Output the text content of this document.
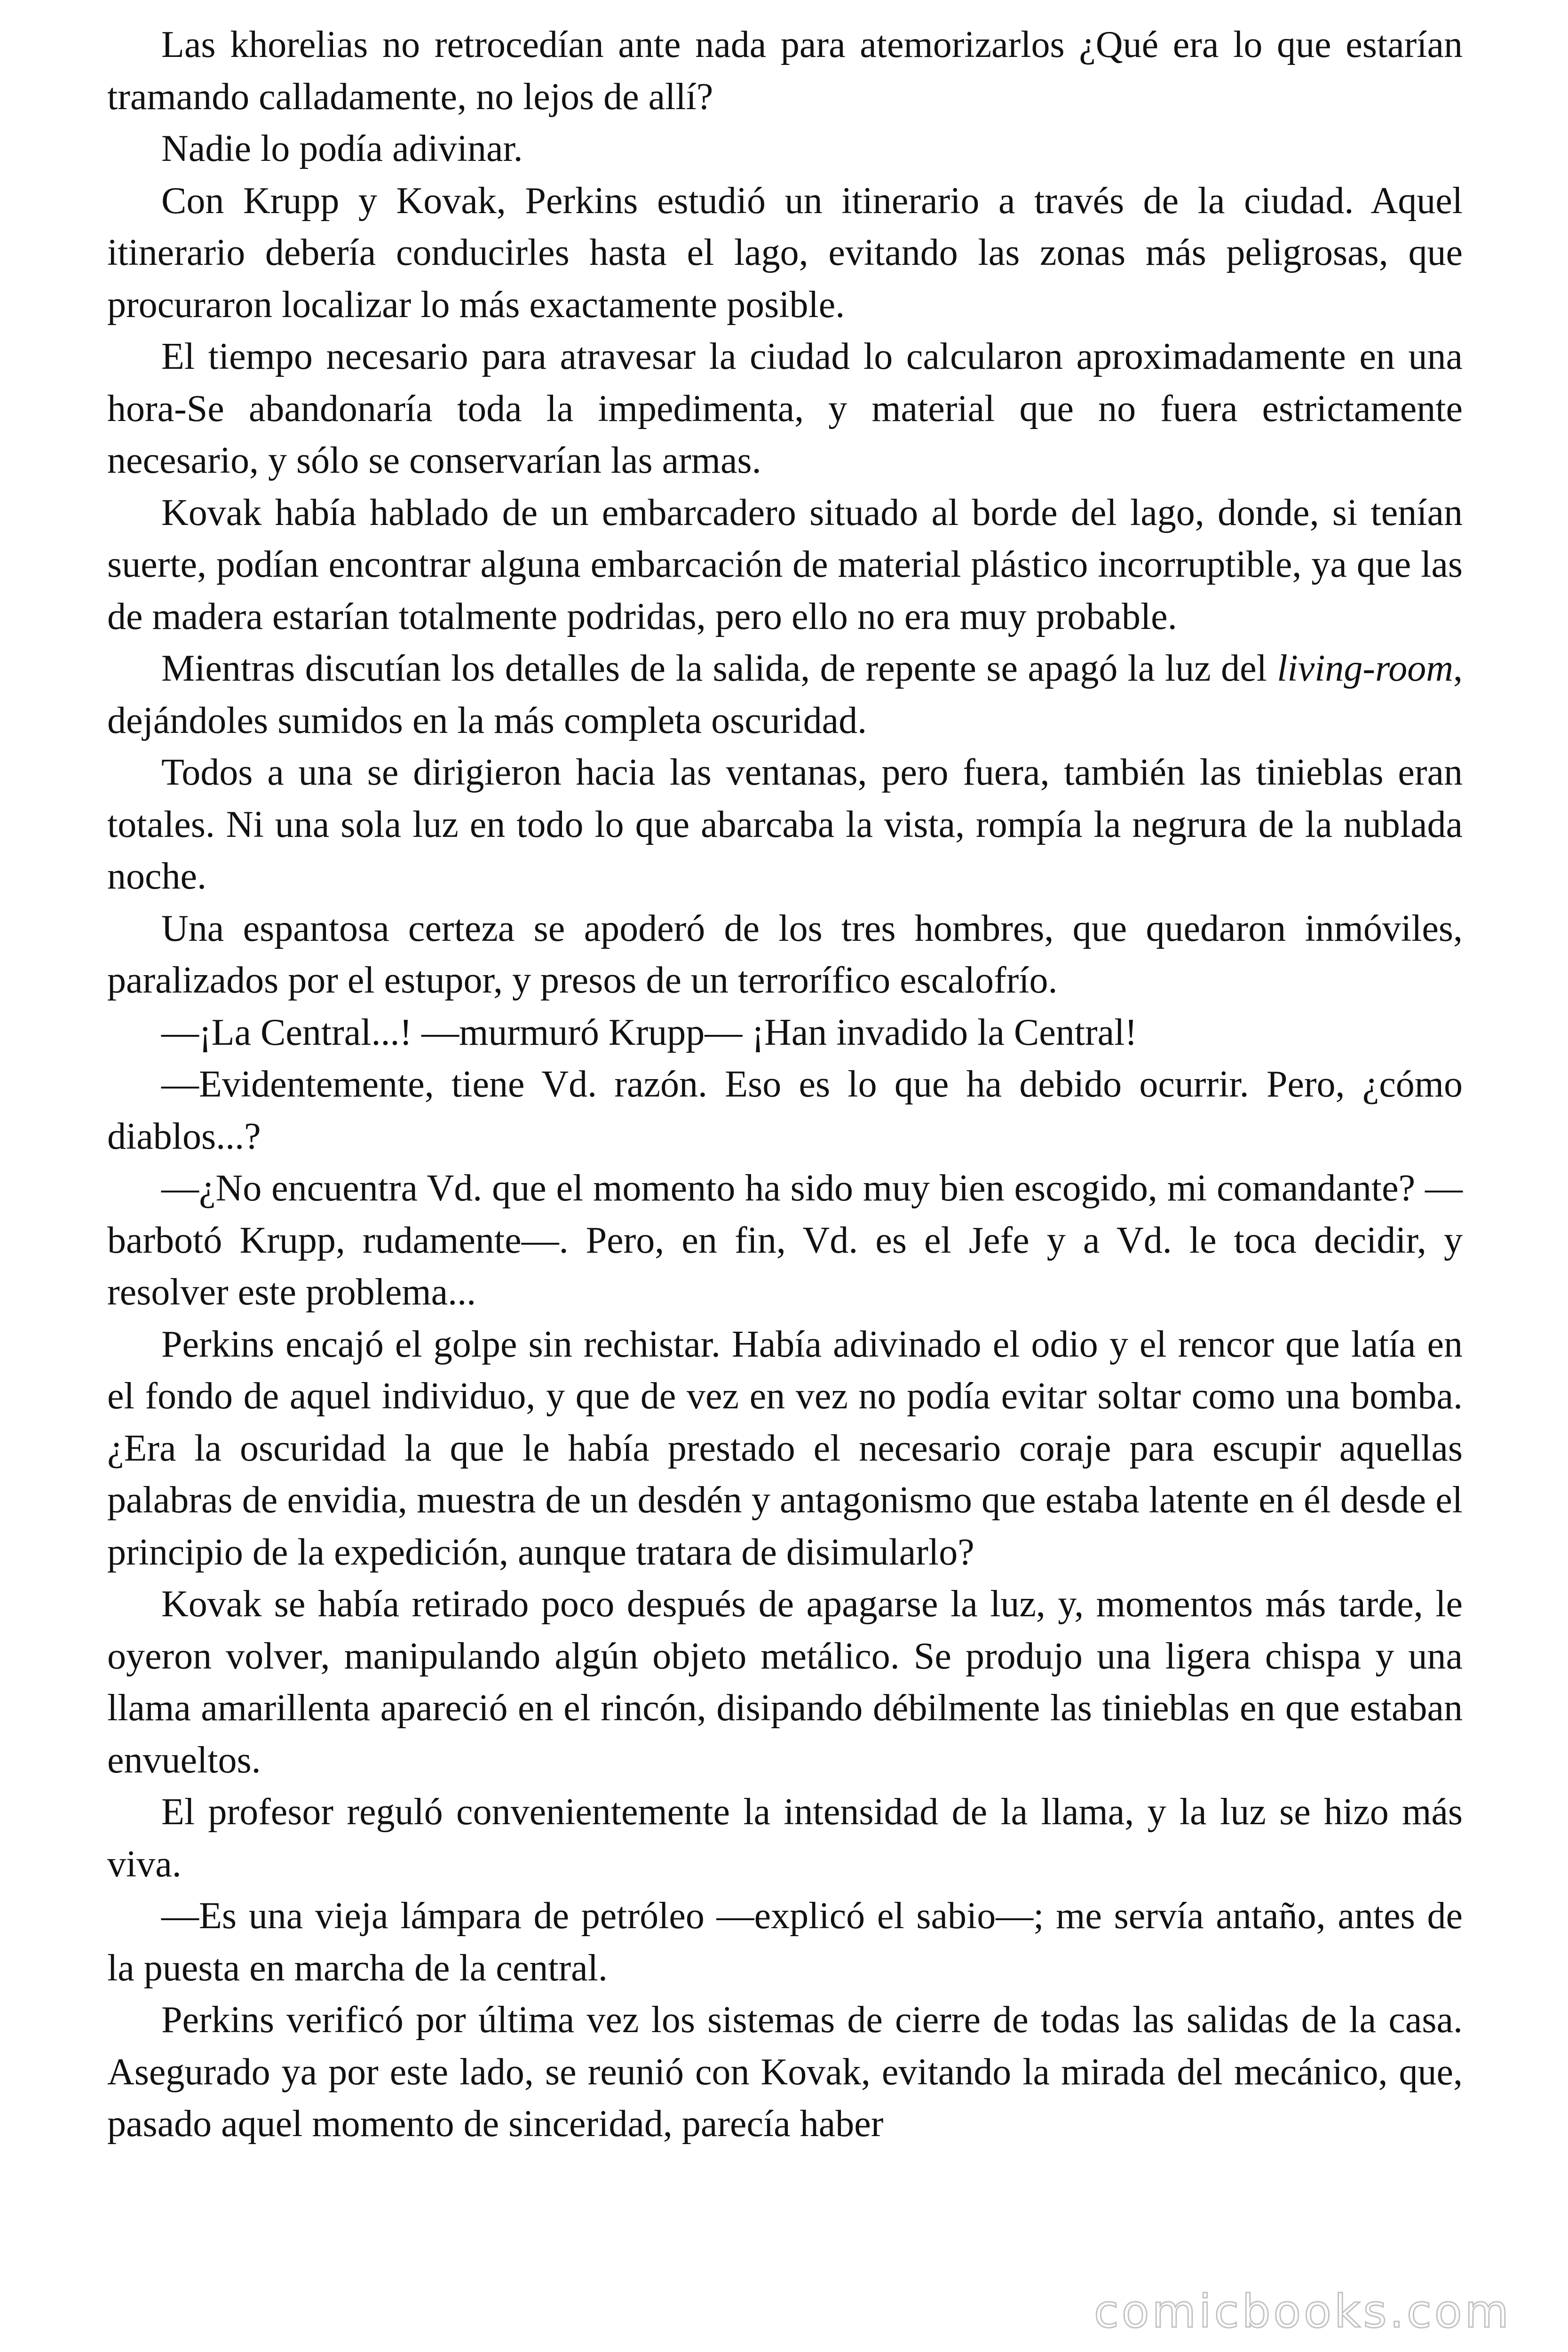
Las khorelias no retrocedían ante nada para atemorizarlos ¿Qué era lo que estarían tramando calladamente, no lejos de allí?

Nadie lo podía adivinar.

Con Krupp y Kovak, Perkins estudió un itinerario a través de la ciudad. Aquel itinerario debería conducirles hasta el lago, evitando las zonas más peligrosas, que procuraron localizar lo más exactamente posible.

El tiempo necesario para atravesar la ciudad lo calcularon aproximadamente en una hora-Se abandonaría toda la impedimenta, y material que no fuera estrictamente necesario, y sólo se conservarían las armas.

Kovak había hablado de un embarcadero situado al borde del lago, donde, si tenían suerte, podían encontrar alguna embarcación de material plástico incorruptible, ya que las de madera estarían totalmente podridas, pero ello no era muy probable.

Mientras discutían los detalles de la salida, de repente se apagó la luz del living-room, dejándoles sumidos en la más completa oscuridad.

Todos a una se dirigieron hacia las ventanas, pero fuera, también las tinieblas eran totales. Ni una sola luz en todo lo que abarcaba la vista, rompía la negrura de la nublada noche.

Una espantosa certeza se apoderó de los tres hombres, que quedaron inmóviles, paralizados por el estupor, y presos de un terrorífico escalofrío.

—¡La Central...! —murmuró Krupp— ¡Han invadido la Central!

—Evidentemente, tiene Vd. razón. Eso es lo que ha debido ocurrir. Pero, ¿cómo diablos...?

—¿No encuentra Vd. que el momento ha sido muy bien escogido, mi comandante? —barbotó Krupp, rudamente—. Pero, en fin, Vd. es el Jefe y a Vd. le toca decidir, y resolver este problema...

Perkins encajó el golpe sin rechistar. Había adivinado el odio y el rencor que latía en el fondo de aquel individuo, y que de vez en vez no podía evitar soltar como una bomba. ¿Era la oscuridad la que le había prestado el necesario coraje para escupir aquellas palabras de envidia, muestra de un desdén y antagonismo que estaba latente en él desde el principio de la expedición, aunque tratara de disimularlo?

Kovak se había retirado poco después de apagarse la luz, y, momentos más tarde, le oyeron volver, manipulando algún objeto metálico. Se produjo una ligera chispa y una llama amarillenta apareció en el rincón, disipando débilmente las tinieblas en que estaban envueltos.

El profesor reguló convenientemente la intensidad de la llama, y la luz se hizo más viva.

—Es una vieja lámpara de petróleo —explicó el sabio—; me servía antaño, antes de la puesta en marcha de la central.

Perkins verificó por última vez los sistemas de cierre de todas las salidas de la casa. Asegurado ya por este lado, se reunió con Kovak, evitando la mirada del mecánico, que, pasado aquel momento de sinceridad, parecía haber

comicbooks.com
